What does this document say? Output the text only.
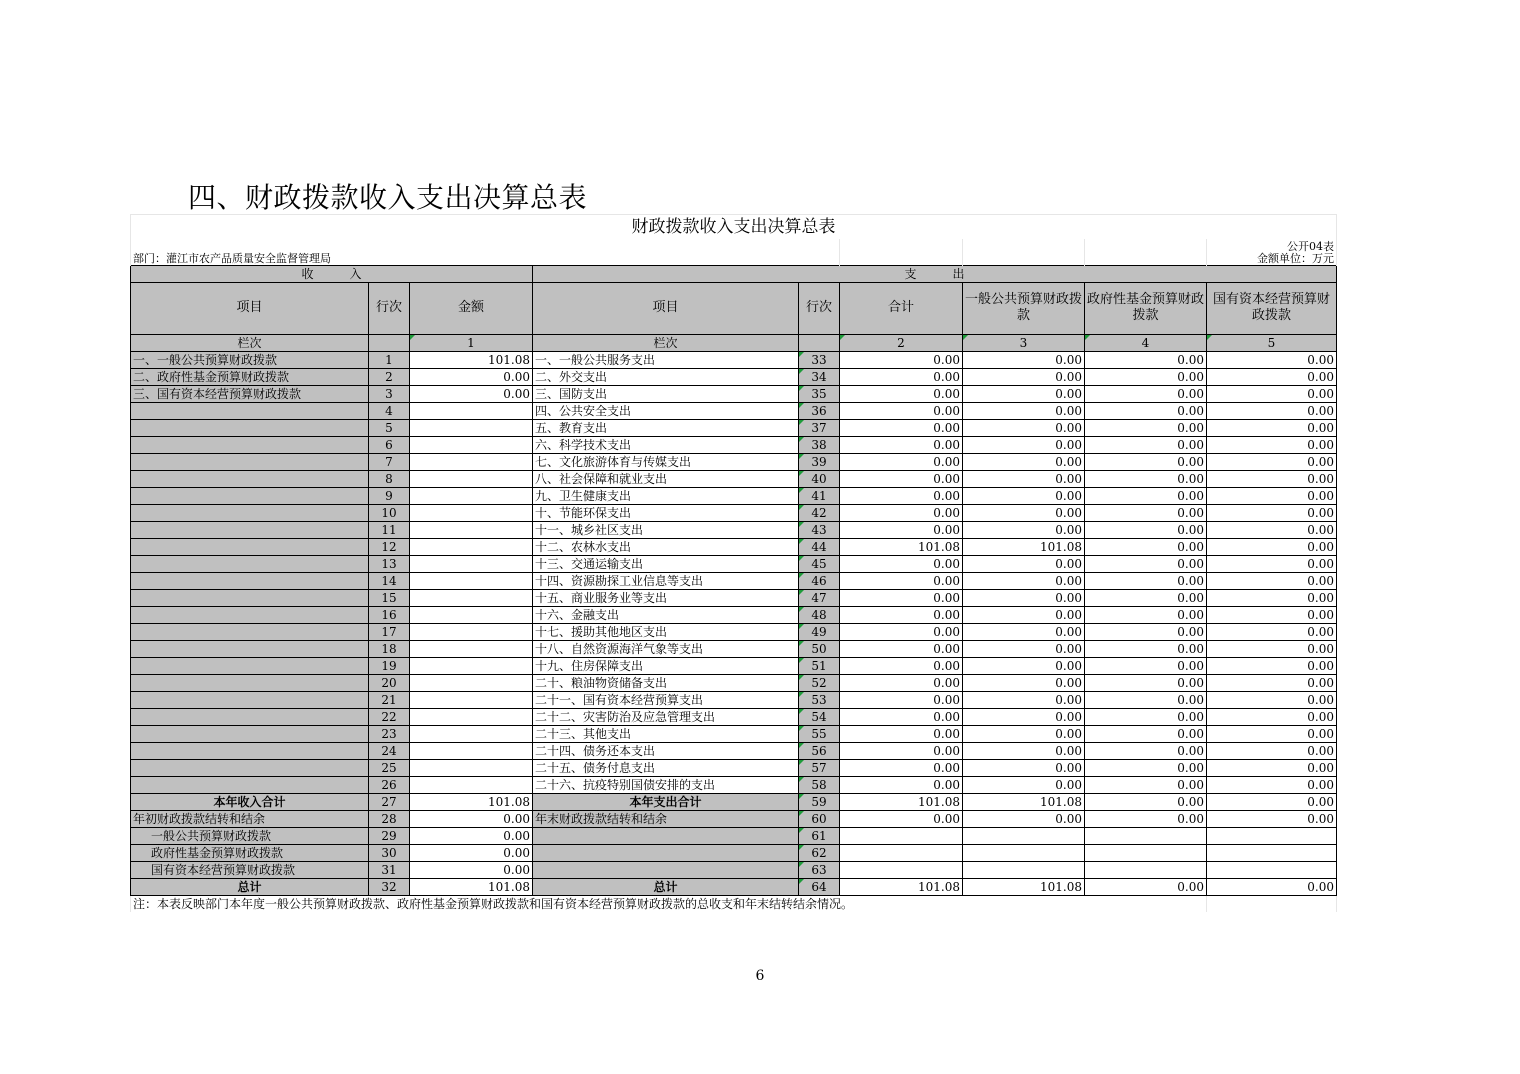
四、财政拨款收入支出决算总表
财政拨款收入支出决算总表								
部门：灌江市农产品质量安全监督管理局								公开04表
金额单位：万元

收　　　入			支　　　出					
项目	行次	金额	项目	行次	合计	一般公共预算财政拨款	政府性基金预算财政拨款	国有资本经营预算财政拨款
栏次		1	栏次		2	3	4	5
一、一般公共预算财政拨款	1	101.08	一、一般公共服务支出	33	0.00	0.00	0.00	0.00
二、政府性基金预算财政拨款	2	0.00	二、外交支出	34	0.00	0.00	0.00	0.00
三、国有资本经营预算财政拨款	3	0.00	三、国防支出	35	0.00	0.00	0.00	0.00
	4		四、公共安全支出	36	0.00	0.00	0.00	0.00
	5		五、教育支出	37	0.00	0.00	0.00	0.00
	6		六、科学技术支出	38	0.00	0.00	0.00	0.00
	7		七、文化旅游体育与传媒支出	39	0.00	0.00	0.00	0.00
	8		八、社会保障和就业支出	40	0.00	0.00	0.00	0.00
	9		九、卫生健康支出	41	0.00	0.00	0.00	0.00
	10		十、节能环保支出	42	0.00	0.00	0.00	0.00
	11		十一、城乡社区支出	43	0.00	0.00	0.00	0.00
	12		十二、农林水支出	44	101.08	101.08	0.00	0.00
	13		十三、交通运输支出	45	0.00	0.00	0.00	0.00
	14		十四、资源勘探工业信息等支出	46	0.00	0.00	0.00	0.00
	15		十五、商业服务业等支出	47	0.00	0.00	0.00	0.00
	16		十六、金融支出	48	0.00	0.00	0.00	0.00
	17		十七、援助其他地区支出	49	0.00	0.00	0.00	0.00
	18		十八、自然资源海洋气象等支出	50	0.00	0.00	0.00	0.00
	19		十九、住房保障支出	51	0.00	0.00	0.00	0.00
	20		二十、粮油物资储备支出	52	0.00	0.00	0.00	0.00
	21		二十一、国有资本经营预算支出	53	0.00	0.00	0.00	0.00
	22		二十二、灾害防治及应急管理支出	54	0.00	0.00	0.00	0.00
	23		二十三、其他支出	55	0.00	0.00	0.00	0.00
	24		二十四、债务还本支出	56	0.00	0.00	0.00	0.00
	25		二十五、债务付息支出	57	0.00	0.00	0.00	0.00
	26		二十六、抗疫特别国债安排的支出	58	0.00	0.00	0.00	0.00
本年收入合计	27	101.08	本年支出合计	59	101.08	101.08	0.00	0.00
年初财政拨款结转和结余	28	0.00	年末财政拨款结转和结余	60	0.00	0.00	0.00	0.00
一般公共预算财政拨款	29	0.00		61				
政府性基金预算财政拨款	30	0.00		62				
国有资本经营预算财政拨款	31	0.00		63				
总计	32	101.08	总计	64	101.08	101.08	0.00	0.00
注：本表反映部门本年度一般公共预算财政拨款、政府性基金预算财政拨款和国有资本经营预算财政拨款的总收支和年末结转结余情况。								
6
